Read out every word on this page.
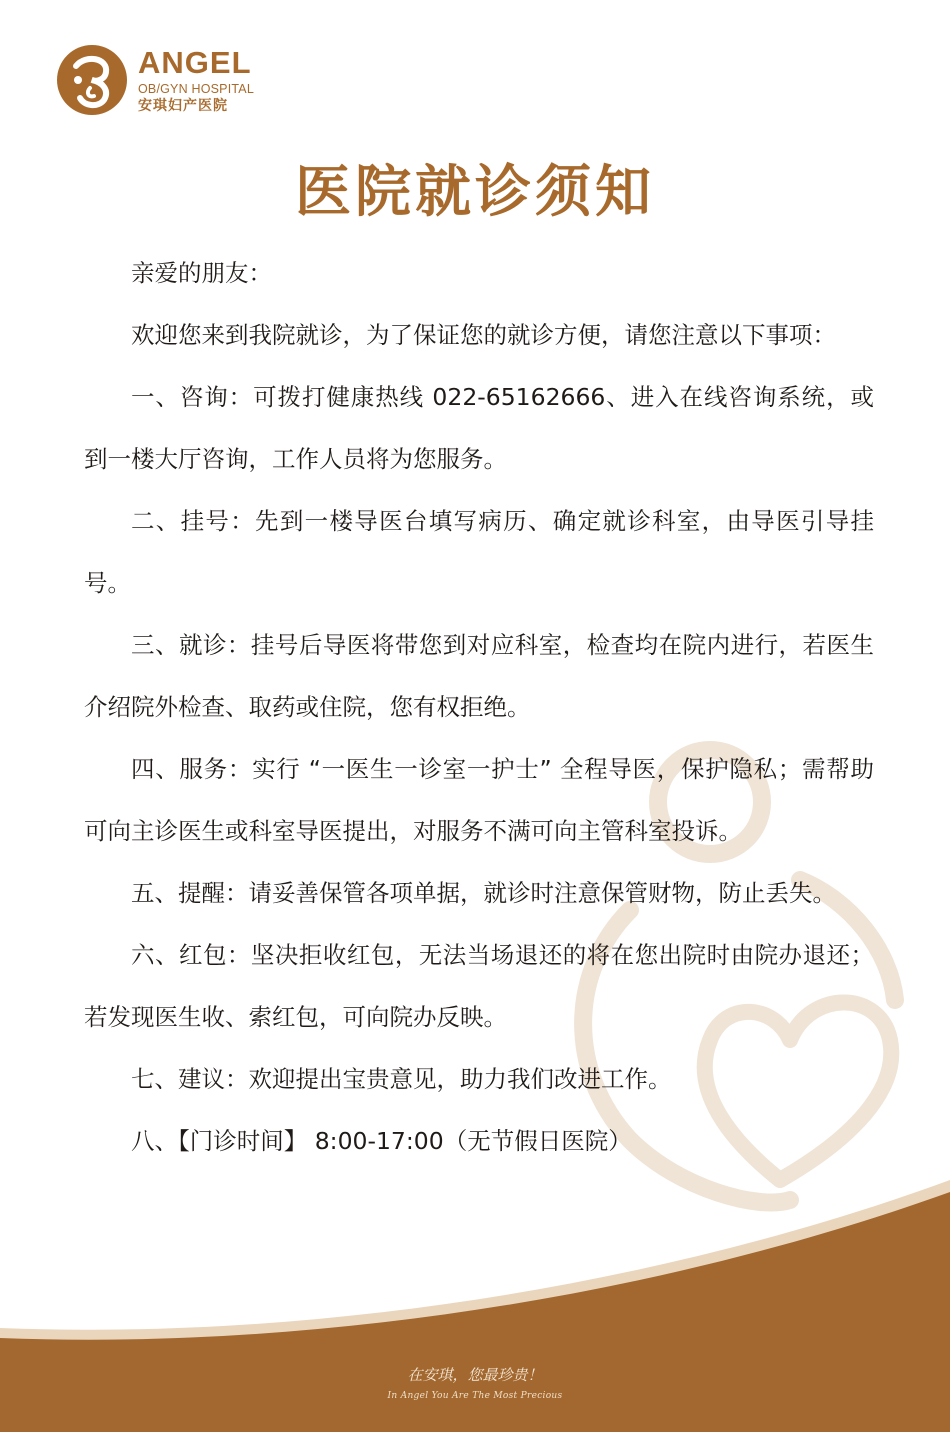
ANGEL
OB/GYN HOSPITAL
安琪妇产医院
医院就诊须知

亲爱的朋友：

欢迎您来到我院就诊，为了保证您的就诊方便，请您注意以下事项：

一、咨询：可拨打健康热线 022-65162666、进入在线咨询系统，或到一楼大厅咨询，工作人员将为您服务。

二、挂号：先到一楼导医台填写病历、确定就诊科室，由导医引导挂号。

三、就诊：挂号后导医将带您到对应科室，检查均在院内进行，若医生介绍院外检查、取药或住院，您有权拒绝。

四、服务：实行 “一医生一诊室一护士” 全程导医，保护隐私；需帮助可向主诊医生或科室导医提出，对服务不满可向主管科室投诉。

五、提醒：请妥善保管各项单据，就诊时注意保管财物，防止丢失。

六、红包：坚决拒收红包，无法当场退还的将在您出院时由院办退还；若发现医生收、索红包，可向院办反映。

七、建议：欢迎提出宝贵意见，助力我们改进工作。

八、【门诊时间】 8:00-17:00（无节假日医院）

在安琪，您最珍贵！
In Angel You Are The Most Precious
